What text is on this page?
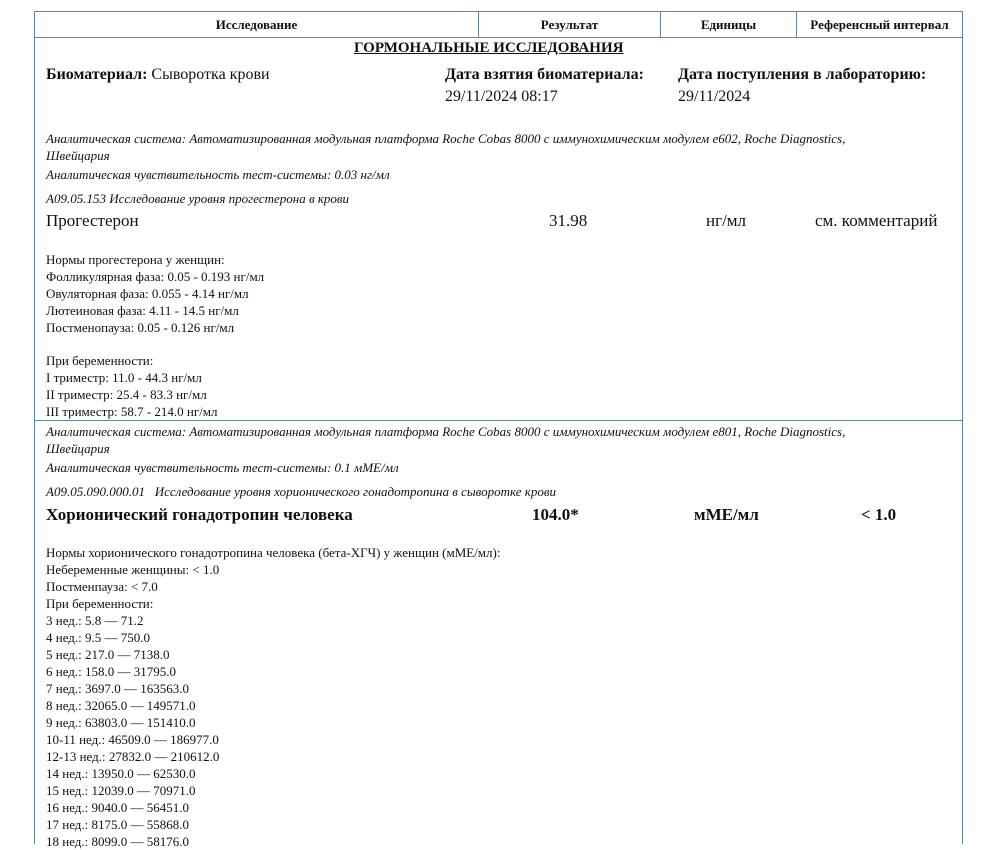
Исследование	Результат	Единицы	Референсный интервал
ГОРМОНАЛЬНЫЕ ИССЛЕДОВАНИЯ
Биоматериал: Сыворотка крови	Дата взятия биоматериала:
29/11/2024 08:17
Дата поступления в лабораторию:
29/11/2024
Аналитическая система: Автоматизированная модульная платформа Roche Cobas 8000 с иммунохимическим модулем e602, Roche Diagnostics,
Швейцария
Аналитическая чувствительность тест-системы: 0.03 нг/мл
A09.05.153 Исследование уровня прогестерона в крови
Прогестерон	31.98	нг/мл	см. комментарий
Нормы прогестерона у женщин:
Фолликулярная фаза: 0.05 - 0.193 нг/мл
Овуляторная фаза: 0.055 - 4.14 нг/мл
Лютеиновая фаза: 4.11 - 14.5 нг/мл
Постменопауза: 0.05 - 0.126 нг/мл
При беременности:
I триместр: 11.0 - 44.3 нг/мл
II триместр: 25.4 - 83.3 нг/мл
III триместр: 58.7 - 214.0 нг/мл
Аналитическая система: Автоматизированная модульная платформа Roche Cobas 8000 с иммунохимическим модулем e801, Roche Diagnostics,
Швейцария
Аналитическая чувствительность тест-системы: 0.1 мМЕ/мл
A09.05.090.000.01   Исследование уровня хорионического гонадотропина в сыворотке крови
Хорионический гонадотропин человека	104.0*	мМЕ/мл	< 1.0
Нормы хорионического гонадотропина человека (бета-ХГЧ) у женщин (мМЕ/мл):
Небеременные женщины: < 1.0
Постменпауза: < 7.0
При беременности:
3 нед.: 5.8 — 71.2
4 нед.: 9.5 — 750.0
5 нед.: 217.0 — 7138.0
6 нед.: 158.0 — 31795.0
7 нед.: 3697.0 — 163563.0
8 нед.: 32065.0 — 149571.0
9 нед.: 63803.0 — 151410.0
10-11 нед.: 46509.0 — 186977.0
12-13 нед.: 27832.0 — 210612.0
14 нед.: 13950.0 — 62530.0
15 нед.: 12039.0 — 70971.0
16 нед.: 9040.0 — 56451.0
17 нед.: 8175.0 — 55868.0
18 нед.: 8099.0 — 58176.0
